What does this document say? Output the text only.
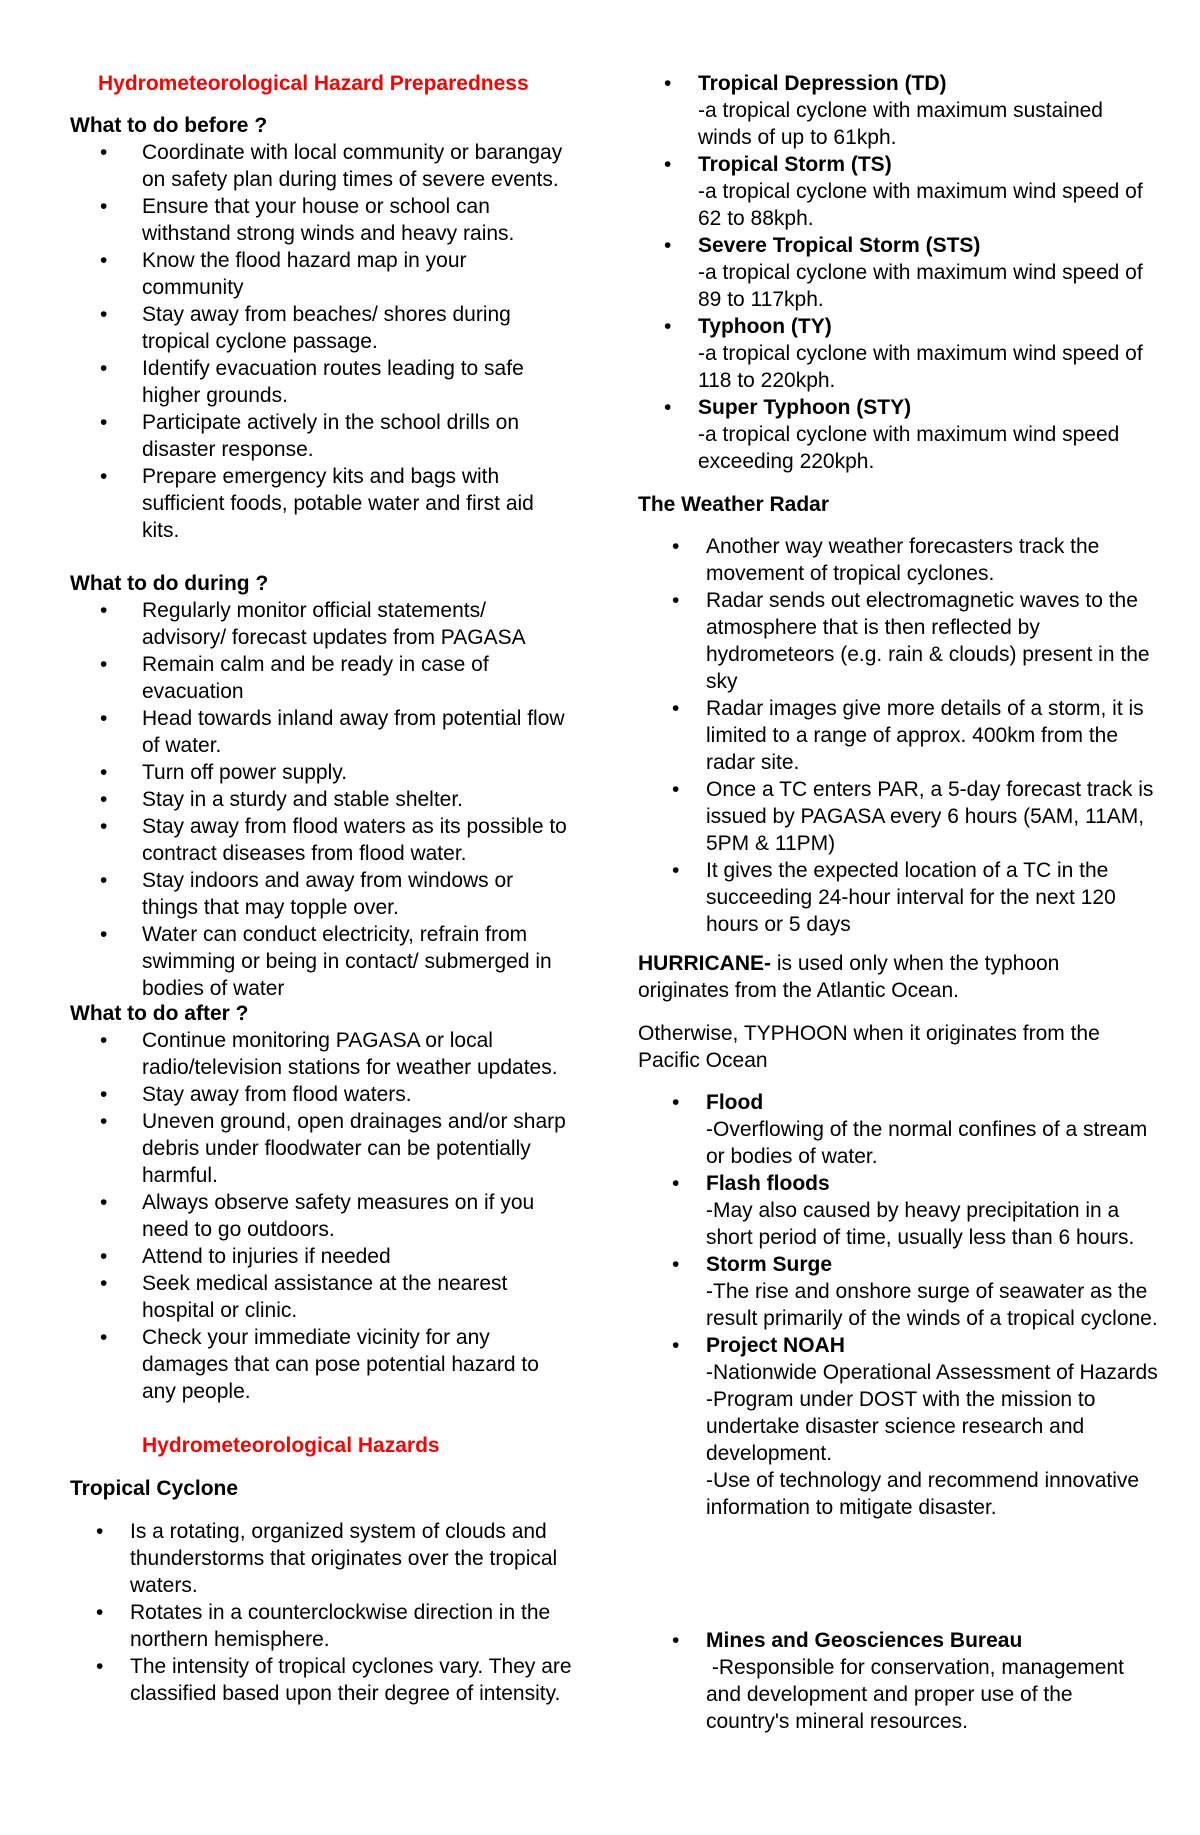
Hydrometeorological Hazard Preparedness
What to do before ?
• Coordinate with local community or barangay on safety plan during times of severe events.
• Ensure that your house or school can withstand strong winds and heavy rains.
• Know the flood hazard map in your community
• Stay away from beaches/ shores during tropical cyclone passage.
• Identify evacuation routes leading to safe higher grounds.
• Participate actively in the school drills on disaster response.
• Prepare emergency kits and bags with sufficient foods, potable water and first aid kits.
What to do during ?
• Regularly monitor official statements/ advisory/ forecast updates from PAGASA
• Remain calm and be ready in case of evacuation
• Head towards inland away from potential flow of water.
• Turn off power supply.
• Stay in a sturdy and stable shelter.
• Stay away from flood waters as its possible to contract diseases from flood water.
• Stay indoors and away from windows or things that may topple over.
• Water can conduct electricity, refrain from swimming or being in contact/ submerged in bodies of water
What to do after ?
• Continue monitoring PAGASA or local radio/television stations for weather updates.
• Stay away from flood waters.
• Uneven ground, open drainages and/or sharp debris under floodwater can be potentially harmful.
• Always observe safety measures on if you need to go outdoors.
• Attend to injuries if needed
• Seek medical assistance at the nearest hospital or clinic.
• Check your immediate vicinity for any damages that can pose potential hazard to any people.
Hydrometeorological Hazards
Tropical Cyclone
• Is a rotating, organized system of clouds and thunderstorms that originates over the tropical waters.
• Rotates in a counterclockwise direction in the northern hemisphere.
• The intensity of tropical cyclones vary. They are classified based upon their degree of intensity.
• Tropical Depression (TD)
-a tropical cyclone with maximum sustained winds of up to 61kph.
• Tropical Storm (TS)
-a tropical cyclone with maximum wind speed of 62 to 88kph.
• Severe Tropical Storm (STS)
-a tropical cyclone with maximum wind speed of 89 to 117kph.
• Typhoon (TY)
-a tropical cyclone with maximum wind speed of 118 to 220kph.
• Super Typhoon (STY)
-a tropical cyclone with maximum wind speed exceeding 220kph.
The Weather Radar
• Another way weather forecasters track the movement of tropical cyclones.
• Radar sends out electromagnetic waves to the atmosphere that is then reflected by hydrometeors (e.g. rain & clouds) present in the sky
• Radar images give more details of a storm, it is limited to a range of approx. 400km from the radar site.
• Once a TC enters PAR, a 5-day forecast track is issued by PAGASA every 6 hours (5AM, 11AM, 5PM & 11PM)
• It gives the expected location of a TC in the succeeding 24-hour interval for the next 120 hours or 5 days
HURRICANE- is used only when the typhoon originates from the Atlantic Ocean.
Otherwise, TYPHOON when it originates from the Pacific Ocean
• Flood
-Overflowing of the normal confines of a stream or bodies of water.
• Flash floods
-May also caused by heavy precipitation in a short period of time, usually less than 6 hours.
• Storm Surge
-The rise and onshore surge of seawater as the result primarily of the winds of a tropical cyclone.
• Project NOAH
-Nationwide Operational Assessment of Hazards
-Program under DOST with the mission to undertake disaster science research and development.
-Use of technology and recommend innovative information to mitigate disaster.
• Mines and Geosciences Bureau
-Responsible for conservation, management and development and proper use of the country's mineral resources.
